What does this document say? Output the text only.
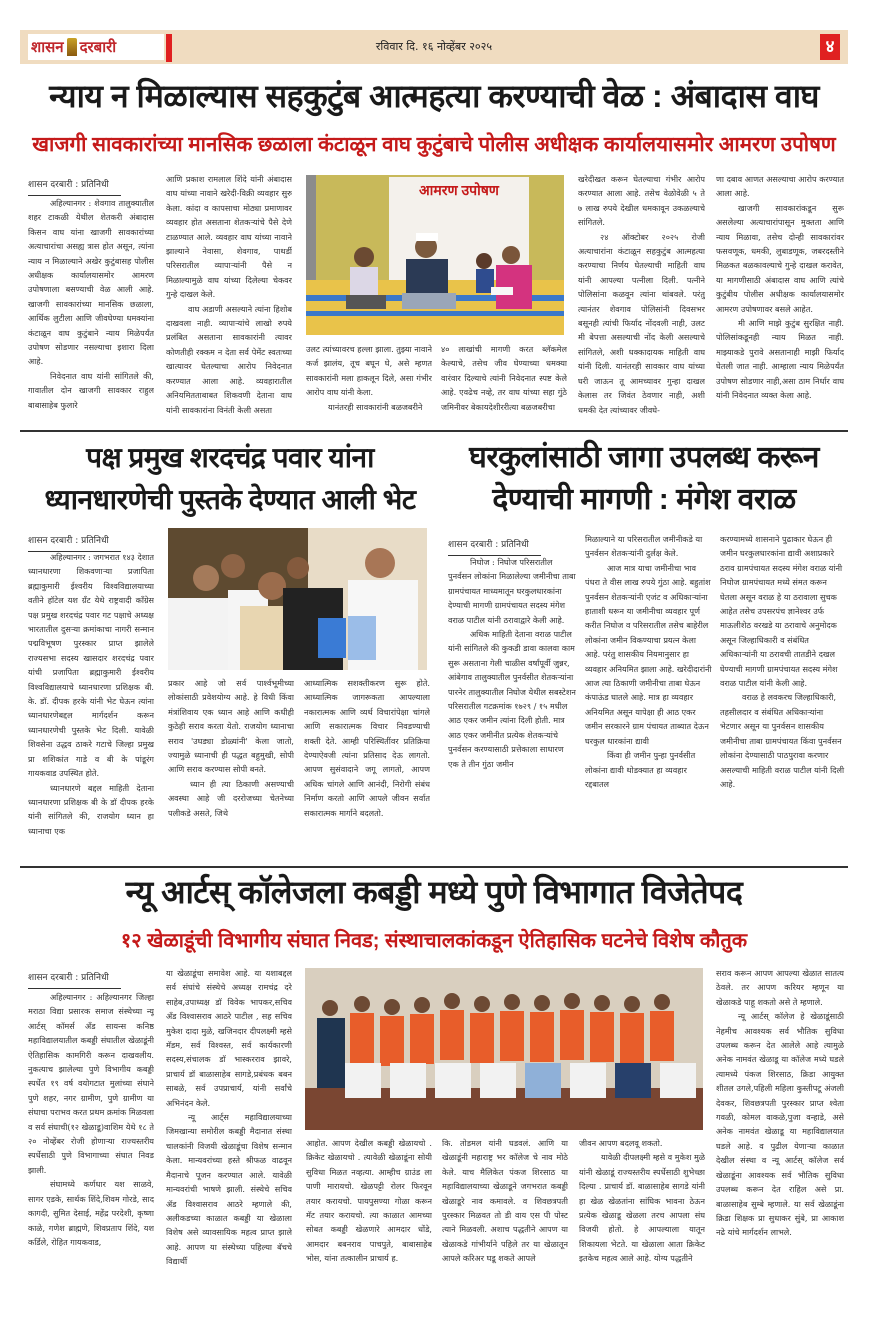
शासन दरबारी	रविवार दि. १६ नोव्हेंबर २०२५	४
न्याय न मिळाल्यास सहकुटुंब आत्महत्या करण्याची वेळ : अंबादास वाघ
खाजगी सावकारांच्या मानसिक छळाला कंटाळून वाघ कुटुंबाचे पोलीस अधीक्षक कार्यालयासमोर आमरण उपोषण
शासन दरबारी : प्रतिनिधी

अहिल्यानगर : शेवगाव तालुक्यातील शहर टाकळी येथील शेतकरी अंबादास किसन वाघ यांना खाजगी सावकारांच्या अत्याचारांचा असह्य त्रास होत असून, त्यांना न्याय न मिळाल्याने अखेर कुटुंबासह पोलीस अधीक्षक कार्यालयासमोर आमरण उपोषणाला बसण्याची वेळ आली आहे. खाजगी सावकारांच्या मानसिक छळाला, आर्थिक लुटीला आणि जीवघेण्या धमक्यांना कंटाळून वाघ कुटुंबाने न्याय मिळेपर्यंत उपोषण सोडणार नसल्याचा इशारा दिला आहे.

निवेदनात वाघ यांनी सांगितले की, गावातील दोन खाजगी सावकार राहुल बाबासाहेब फुलारे

आणि प्रकाश रामलाल शिंदे यांनी अंबादास वाघ यांच्या नावाने खरेदी-विक्री व्यवहार सुरु केला. कांदा व कापसाचा मोठ्या प्रमाणावर व्यवहार होत असताना शेतकऱ्यांचे पैसे देणे टाळण्यात आले. व्यवहार वाघ यांच्या नावाने झाल्याने नेवासा, शेवगाव, पाथर्डी परिसरातील व्यापाऱ्यांनी पैसे न मिळाल्यामुळे वाघ यांच्या दिलेल्या चेकवर गुन्हे दाखल केले.

वाघ अडाणी असल्याने त्यांना हिशोब दाखवला नाही. व्यापाऱ्यांचे लाखो रुपये प्रलंबित असताना सावकारांनी त्यावर कोणतीही रक्कम न देता सर्व पेमेंट स्वतःच्या खात्यावर घेतल्याचा आरोप निवेदनात करण्यात आला आहे. व्यवहारातील अनियमितताबाबत शिकवणी देताना वाघ यांनी सावकारांना विनंती केली असता

आमरण उपोषण

उलट त्यांच्यावरच हल्ला झाला. तुझ्या नावाने कर्ज झालंय, तूच बघून घे, असे म्हणत सावकारांनी मला हाकलून दिले, असा गंभीर आरोप वाघ यांनी केला.

यानंतरही सावकारांनी बळजबरीने

४० लाखांची मागणी करत ब्लॅकमेल केल्याचे, तसेच जीव घेण्याच्या धमक्या वारंवार दिल्याचे त्यांनी निवेदनात स्पष्ट केले आहे. एवढेच नव्हे, तर वाघ यांच्या सहा गुंठे जमिनीवर बेकायदेशीररीत्या बळजबरीचा

खरेदीखत करून घेतल्याचा गंभीर आरोप करण्यात आला आहे. तसेच वेळोवेळी ५ ते ७ लाख रुपये देखील धमकावून उकळल्याचे सांगितले.

२४ ऑक्टोबर २०२५ रोजी अत्याचारांना कंटाळून सहकुटुंब आत्महत्या करण्याचा निर्णय घेतल्याची माहिती वाघ यांनी आपल्या पत्नीला दिली. पत्नीने पोलिसांना कळवून त्यांना थांबवले. परंतु त्यानंतर शेवगाव पोलिसांनी दिवसभर बसूनही त्यांची फिर्याद नोंदवली नाही, उलट मी बेपत्ता असल्याची नोंद केली असल्याचे सांगितले, अशी धक्कादायक माहिती वाघ यांनी दिली. यानंतरही सावकार वाघ यांच्या घरी जाऊन तू आमच्यावर गुन्हा दाखल केलास तर जिवंत ठेवणार नाही, अशी धमकी देत त्यांच्यावर जीवघे-

णा दबाव आणत असल्याचा आरोप करण्यात आला आहे.

खाजगी सावकारांकडून सुरू असलेल्या अत्याचारांपासून मुक्तता आणि न्याय मिळावा, तसेच दोन्ही सावकारांवर फसवणूक, धमकी, लुबाडणूक, जबरदस्तीने मिळकत बळकावल्याचे गुन्हे दाखल करावेत, या मागणीसाठी अंबादास वाघ आणि त्यांचे कुटुंबीय पोलीस अधीक्षक कार्यालयासमोर आमरण उपोषणावर बसले आहेत.

मी आणि माझे कुटुंब सुरक्षित नाही. पोलिसांकडूनही न्याय मिळत नाही. माझ्याकडे पुरावे असतानाही माझी फिर्याद घेतली जात नाही. आम्हाला न्याय मिळेपर्यंत उपोषण सोडणार नाही,असा ठाम निर्धार वाघ यांनी निवेदनात व्यक्त केला आहे.

पक्ष प्रमुख शरदचंद्र पवार यांना
ध्यानधारणेची पुस्तके देण्यात आली भेट
शासन दरबारी : प्रतिनिधी

अहिल्यानगर : जगभरात १४३ देशात ध्यानधारणा शिकवणाऱ्या प्रजापिता ब्रह्माकुमारी ईश्वरीय विश्वविद्यालयाच्या वतीने हॉटेल यश ग्रँट येथे राष्ट्रवादी काँग्रेस पक्ष प्रमुख शरदचंद्र पवार गट पक्षाचे अध्यक्ष भारतातील दुसऱ्या क्रमांकाचा नागरी सन्मान पद्मविभूषण पुरस्कार प्राप्त झालेले राज्यसभा सदस्य खासदार शरदचंद्र पवार यांची प्रजापिता ब्रह्माकुमारी ईश्वरीय विश्वविद्यालयाचे ध्यानधारणा प्रशिक्षक बी. के. डॉ. दीपक हरके यांनी भेट घेऊन त्यांना ध्यानधारणेबद्दल मार्गदर्शन करून ध्यानधारणेची पुस्तके भेट दिली. यावेळी शिवसेना उद्धव ठाकरे गटाचे जिल्हा प्रमुख प्रा शशिकांत गाडे व बी के पांडूरंग गायकवाड उपस्थित होते.

ध्यानधारणे बद्दल माहिती देताना ध्यानधारणा प्रशिक्षक बी के डॉ दीपक हरके यांनी सांगितले की, राजयोग ध्यान हा ध्यानाचा एक

प्रकार आहे जो सर्व पार्श्वभूमीच्या लोकांसाठी प्रवेशयोग्य आहे. हे विधी किंवा मंत्रांशिवाय एक ध्यान आहे आणि कधीही कुठेही सराव करता येतो. राजयोग ध्यानाचा सराव 'उघड्या डोळ्यांनी' केला जातो, ज्यामुळे ध्यानाची ही पद्धत बहुमुखी, सोपी आणि सराव करण्यास सोपी बनते.

ध्यान ही त्या ठिकाणी असण्याची अवस्था आहे जी दररोजच्या चेतनेच्या पलीकडे असते, जिथे

आध्यात्मिक सशक्तीकरण सुरू होते. आध्यात्मिक जागरूकता आपल्याला नकारात्मक आणि व्यर्थ विचारांपेक्षा चांगले आणि सकारात्मक विचार निवडण्याची शक्ती देते. आम्ही परिस्थितींवर प्रतिक्रिया देण्याऐवजी त्यांना प्रतिसाद देऊ लागतो. आपण सुसंवादाने जगू लागतो, आपण अधिक चांगले आणि आनंदी, निरोगी संबंध निर्माण करतो आणि आपले जीवन सर्वात सकारात्मक मार्गाने बदलतो.

घरकुलांसाठी जागा उपलब्ध करून
देण्याची मागणी : मंगेश वराळ
शासन दरबारी : प्रतिनिधी

निघोज : निघोज परिसरातील पुनर्वसन लोकांना मिळालेल्या जमीनीचा ताबा ग्रामपंचायत माध्यमातून घरकुलधारकांना देण्याची मागणी ग्रामपंचायत सदस्य मंगेश वराळ पाटील यांनी ठरावाद्वारे केली आहे.

अधिक माहिती देताना वराळ पाटील यांनी सांगितले की कुकडी डावा कालवा काम सुरू असताना गेली चाळीस वर्षांपूर्वी जुन्नर, आंबेगाव तालुक्यातील पुनर्वसीत शेतकऱ्यांना पारनेर तालुक्यातील निघोज येथील सबस्टेशन परिसरातील गटक्रमांक १७२९ / १५ मधील आठ एकर जमीन त्यांना दिली होती. मात्र आठ एकर जमीनीत प्रत्येक शेतकऱ्यांचे पुनर्वसन करण्यासाठी प्रत्तेकाला साधारण एक ते तीन गुंठा जमीन

मिळाल्याने या परिसरातील जमीनीकडे या पुनर्वसन शेतकऱ्यांनी दुर्लक्ष केले.

आज मात्र याचा जमीनीचा भाव पंधरा ते वीस लाख रुपये गुंठा आहे. बहुतांश पुनर्वसन शेतकऱ्यांनी एजंट व अधिकाऱ्यांना हाताशी धरून या जमीनीचा व्यवहार पूर्ण करीत निघोज व परिसरातील तसेच बाहेरील लोकांना जमीन विकण्याचा प्रयत्न केला आहे. परंतु शासकीय नियमानुसार हा व्यवहार अनियमित झाला आहे. खरेदीदारांनी आज त्या ठिकाणी जमीनीचा ताबा घेऊन कंपाऊंड घातले आहे. मात्र हा व्यवहार अनियमित असून यापेक्षा ही आठ एकर जमीन सरकारने ग्राम पंचायत ताब्यात देऊन घरकुल धारकांना द्यावी

किंवा ही जमीन पुन्हा पुनर्वसीत लोकांना द्यावी थोडक्यात हा व्यवहार रद्दबातल

करण्यामध्ये शासनाने पुढाकार घेऊन ही जमीन घरकुलधारकांना द्यावी अशाप्रकारे ठराव ग्रामपंचायत सदस्य मंगेश वराळ यांनी निघोज ग्रामपंचायत मध्ये संमत करून घेतला असून वराळ हे या ठरावाला सुचक आहेत तसेच उपसरपंच ज्ञानेश्वर उर्फ माऊलीशेठ वरखडे या ठरावाचे अनुमोदक असून जिल्हाधिकारी व संबंधित अधिकाऱ्यांनी या ठरावची तातडीने दखल घेण्याची मागणी ग्रामपंचायत सदस्य मंगेश वराळ पाटील यांनी केली आहे.

वराळ हे लवकरच जिल्हाधिकारी, तहसीलदार व संबंधित अधिकाऱ्यांना भेटणार असून या पुनर्वसन शासकीय जमीनीचा ताबा ग्रामपंचायत किंवा पुनर्वसन लोकांना देण्यासाठी पाठपुरावा करणार असल्याची माहिती वराळ पाटील यांनी दिली आहे.

न्यू आर्टस् कॉलेजला कबड्डी मध्ये पुणे विभागात विजेतेपद
१२ खेळाडूंची विभागीय संघात निवड; संस्थाचालकांकडून ऐतिहासिक घटनेचे विशेष कौतुक
शासन दरबारी : प्रतिनिधी

अहिल्यानगर : अहिल्यानगर जिल्हा मराठा विद्या प्रसारक समाज संस्थेच्या न्यू आर्टस् कॉमर्स अँड सायन्स कनिष्ठ महाविद्यालयातील कबड्डी संघातील खेळाडूंनी ऐतिहासिक कामगिरी करून दाखवलीय. नुकत्याच झालेल्या पुणे विभागीय कबड्डी स्पर्धेत १९ वर्ष वयोगटात मुलांच्या संघाने पुणे शहर, नगर ग्रामीण, पुणे ग्रामीण या संघाचा पराभव करत प्रथम क्रमांक मिळवला व सर्व संघाची(१२ खेळाडू)वाशिम येथे १८ ते २० नोव्हेंबर रोजी होणाऱ्या राज्यस्तरीय स्पर्धेसाठी पुणे विभागाच्या संघात निवड झाली.

संघामध्ये कर्णधार यश साळवे, सागर एडके, सार्थक शिंदे,शिवम गोरडे, साद कागदी, सुमित देसाई, महेंद्र परदेशी, कृष्णा काळे, गणेश ब्राह्मणे, शिवप्रताप शिंदे, यश कर्डिले, रोहित गायकवाड,

या खेळाडूंचा समावेश आहे. या यशाबद्दल सर्व संघांचे संस्थेचे अध्यक्ष रामचंद्र दरे साहेब,उपाध्यक्ष डॉ विवेक भापकर,सचिव अँड विश्वासराव आठरे पाटील , सह सचिव मुकेश दादा मुळे, खजिनदार दीपलक्ष्मी म्हसे मॅडम, सर्व विश्वस्त, सर्व कार्यकारणी सदस्य,संचालक डॉ भास्करराव झावरे, प्राचार्य डॉ बाळासाहेब सागडे,प्रबंधक बबन साबळे, सर्व उपप्राचार्य, यांनी सर्वांचे अभिनंदन केले.

न्यू आर्ट्स महाविद्यालयाच्या जिमखान्या समोरील कबड्डी मैदानात संस्था चालकांनी विजयी खेळाडूंचा विशेष सन्मान केला. मान्यवरांच्या हस्ते श्रीफळ वाढवून मैदानाचे पूजन करण्यात आले. यावेळी मान्यवरांची भाषणे झाली. संस्थेचे सचिव ॲड विश्वासराव आठरे म्हणाले की, अलीकडच्या काळात कबड्डी या खेळाला विशेष असे व्यावसायिक महत्व प्राप्त झाले आहे. आपण या संस्थेच्या पहिल्या बॅचचे विद्यार्थी

आहोत. आपण देखील कबड्डी खेळायचो . क्रिकेट खेळायचो . त्यावेळी खेळाडूंना सोयी सुविधा मिळत नव्हत्या. आम्हीच ग्राउंड ला पाणी मारायचो. खेळपट्टी रोलर फिरवून तयार करायचो. पायपुसण्या गोळा करून मॅट तयार करायचो. त्या काळात आमच्या सोबत कबड्डी खेळणारे आमदार धोंडे, आमदार बबनराव पाचपुते, बाबासाहेब भोस, यांना तत्कालीन प्राचार्य ह.

कि. तोडमल यांनी घडवलं. आणि या खेळाडूंनी महाराष्ट्र भर कॉलेज चे नाव मोठे केले. याच मैलिकेत पंकज शिरसाठ या महाविद्यालयाच्या खेळाडूने जगभरात कबड्डी खेळाडूरे नाव कमावले. व शिवछत्रपती पुरस्कार मिळवत तो डी वाय एस पी पोस्ट त्याने मिळवली. अशाच पद्धतीने आपण या खेळाकडे गांभीर्याने पहिले तर या खेळातून आपले करिअर घडू शकते आपले

जीवन आपण बदलवू शकतो.

यावेळी दीपलक्ष्मी म्हसे व मुकेश मुळे यांनी खेळाडूं राज्यस्तरीय स्पर्धेसाठी शुभेच्छा दिल्या . प्राचार्य डॉ. बाळासाहेब सागडे यांनी हा खेळ खेळतांना सांघिक भावना ठेऊन प्रत्येक खेळाडू खेळला तरच आपला संघ विजयी होतो. हे आपल्याला यातून शिकायला भेटते. या खेळाला आता क्रिकेट इतकेच महत्व आले आहे. योग्य पद्धतीने

सराव करून आपण आपल्या खेळात सातत्य ठेवले. तर आपण करियर म्हणून या खेळाकडे पाहू शकतो असे ते म्हणाले.

न्यू आर्टस् कॉलेज हे खेळाडूंसाठी नेहमीच आवश्यक सर्व भौतिक सुविधा उपलब्ध करून देत आलेले आहे त्यामुळे अनेक नामवंत खेळाडू या कॉलेज मध्ये घडले त्यामध्ये पंकज शिरसाठ, क्रिडा आयुक्त शीतल उगले,पहिली महिला कुस्तीपटू अंजली देवकर, शिवछत्रपती पुरस्कार प्राप्त श्वेता गवळी, कोमल वाकळे,पुजा वन्हाडे, असे अनेक नामवंत खेळाडू या महाविद्यालयात घडले आहे. व पुढील येणाऱ्या काळात देखील संस्था व न्यू आर्टस् कॉलेज सर्व खेळाडूंना आवश्यक सर्व भौतिक सुविधा उपलब्ध करून देत राहिल असे प्रा. बाळासाहेब सुम्बे म्हणाले. या सर्व खेळाडूंना क्रिडा शिक्षक प्रा सुधाकर सुंबे, प्रा आकाश नढे यांचे मार्गदर्शन लाभले.
